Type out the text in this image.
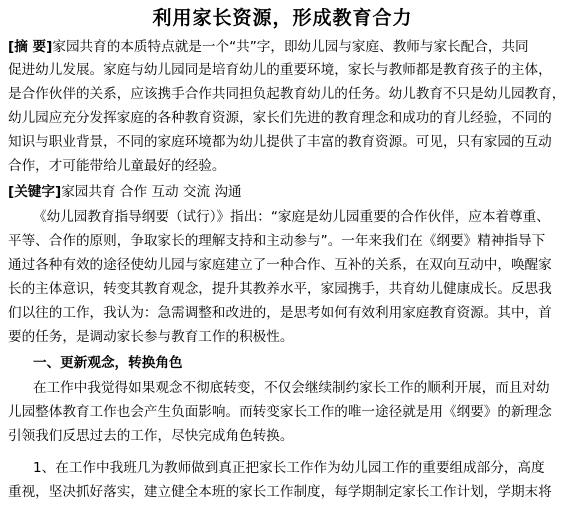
利用家长资源，形成教育合力
[摘 要]家园共育的本质特点就是一个“共”字，即幼儿园与家庭、教师与家长配合，共同
促进幼儿发展。家庭与幼儿园同是培育幼儿的重要环境，家长与教师都是教育孩子的主体，
是合作伙伴的关系，应该携手合作共同担负起教育幼儿的任务。幼儿教育不只是幼儿园教育，
幼儿园应充分发挥家庭的各种教育资源，家长们先进的教育理念和成功的育儿经验，不同的
知识与职业背景，不同的家庭环境都为幼儿提供了丰富的教育资源。可见，只有家园的互动
合作，才可能带给儿童最好的经验。
[关键字]家园共育 合作 互动 交流 沟通
《幼儿园教育指导纲要（试行）》指出：“家庭是幼儿园重要的合作伙伴，应本着尊重、
平等、合作的原则，争取家长的理解支持和主动参与”。一年来我们在《纲要》精神指导下
通过各种有效的途径使幼儿园与家庭建立了一种合作、互补的关系，在双向互动中，唤醒家
长的主体意识，转变其教育观念，提升其教养水平，家园携手，共育幼儿健康成长。反思我
们以往的工作，我认为：急需调整和改进的，是思考如何有效利用家庭教育资源。其中，首
要的任务，是调动家长参与教育工作的积极性。
一、更新观念，转换角色
在工作中我觉得如果观念不彻底转变，不仅会继续制约家长工作的顺利开展，而且对幼
儿园整体教育工作也会产生负面影响。而转变家长工作的唯一途径就是用《纲要》的新理念
引领我们反思过去的工作，尽快完成角色转换。
1、在工作中我班几为教师做到真正把家长工作作为幼儿园工作的重要组成部分，高度
重视，坚决抓好落实，建立健全本班的家长工作制度，每学期制定家长工作计划，学期末将
